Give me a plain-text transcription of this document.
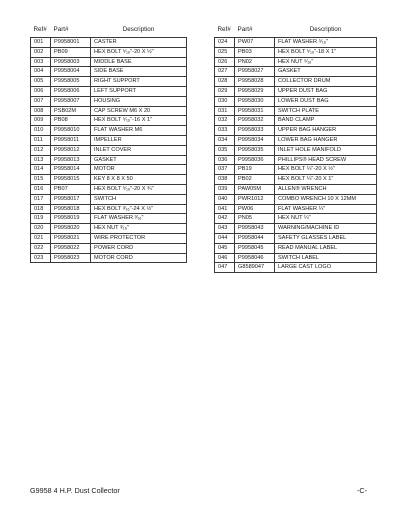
Ref#	Part#	Description
001	P9958001	CASTER
002	PB09	HEX BOLT ⁵⁄₁₆"-20 X ½"
003	P9958003	MIDDLE BASE
004	P9958004	SIDE BASE
005	P9958005	RIGHT SUPPORT
006	P9958006	LEFT SUPPORT
007	P9958007	HOUSING
008	PSB02M	CAP SCREW M6 X 20
009	PB08	HEX BOLT ⁵⁄₁₆"-16 X 1"
010	P9958010	FLAT WASHER M6
011	P9958011	IMPELLER
012	P9958012	INLET COVER
013	P9958013	GASKET
014	P9958014	MOTOR
015	P9958015	KEY 8 X 8 X 50
016	PB07	HEX BOLT ⁵⁄₁₆"-20 X ¾"
017	P9958017	SWITCH
018	P9958018	HEX BOLT ³⁄₁₆"-24 X ½"
019	P9958019	FLAT WASHER ³⁄₁₆"
020	P9958020	HEX NUT ³⁄₁₆"
021	P9958021	WIRE PROTECTOR
022	P9958022	POWER CORD
023	P9958023	MOTOR CORD
Ref#	Part#	Description
024	PW07	FLAT WASHER ⁵⁄₁₆"
025	PB03	HEX BOLT ⁵⁄₁₆"-18 X 1"
026	PN02	HEX NUT ⁵⁄₁₆"
027	P9958027	GASKET
028	P9958028	COLLECTOR DRUM
029	P9958029	UPPER DUST BAG
030	P9958030	LOWER DUST BAG
031	P9958031	SWITCH PLATE
032	P9958032	BAND CLAMP
033	P9958033	UPPER BAG HANGER
034	P9958034	LOWER BAG HANGER
035	P9958035	INLET HOLE MANIFOLD
036	P9958036	PHILLIPS® HEAD SCREW
037	PB19	HEX BOLT ¼"-20 X ½"
038	PB02	HEX BOLT ¼"-20 X 1"
039	PAW05M	ALLEN® WRENCH
040	PWR1012	COMBO WRENCH 10 X 12MM
041	PW06	FLAT WASHER ¼"
042	PN05	HEX NUT ¼"
043	P9958043	WARNING/MACHINE ID
044	P9958044	SAFETY GLASSES LABEL
045	P9958045	READ MANUAL LABEL
046	P9958046	SWITCH LABEL
047	G8589047	LARGE CAST LOGO
G9958 4 H.P. Dust Collector	-C-
